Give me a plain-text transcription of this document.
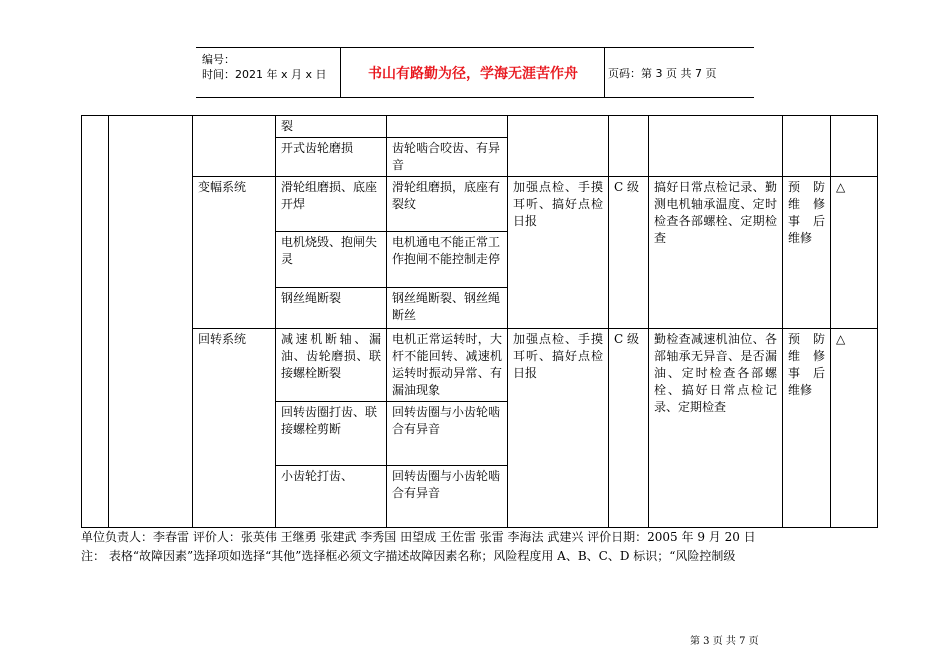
编号：
时间：2021 年 x 月 x 日	书山有路勤为径，学海无涯苦作舟	页码：第 3 页 共 7 页
			裂						
			开式齿轮磨损	齿轮啮合咬齿、有异音					
		变幅系统	滑轮组磨损、底座开焊	滑轮组磨损，底座有裂纹	加强点检、手摸耳听、搞好点检日报	C 级	搞好日常点检记录、勤测电机轴承温度、定时检查各部螺栓、定期检查	预 防 维修 事 后 维修	△
			电机烧毁、抱闸失灵	电机通电不能正常工作抱闸不能控制走停					
			钢丝绳断裂	钢丝绳断裂、钢丝绳断丝					
		回转系统	减速机断轴、漏油、齿轮磨损、联接螺栓断裂	电机正常运转时，大杆不能回转、减速机运转时振动异常、有漏油现象	加强点检、手摸耳听、搞好点检日报	C 级	勤检查减速机油位、各部轴承无异音、是否漏油、定时检查各部螺栓、搞好日常点检记录、定期检查	预 防 维修 事 后 维修	△
			回转齿圈打齿、联接螺栓剪断	回转齿圈与小齿轮啮合有异音					
			小齿轮打齿、	回转齿圈与小齿轮啮合有异音					
单位负责人：李春雷 评价人：张英伟 王继勇 张建武 李秀国 田望成 王佐雷 张雷 李海法 武建兴 评价日期：2005 年 9 月 20 日
注： 表格“故障因素”选择项如选择“其他”选择框必须文字描述故障因素名称；风险程度用 A、B、C、D 标识；“风险控制级
第 3 页 共 7 页
